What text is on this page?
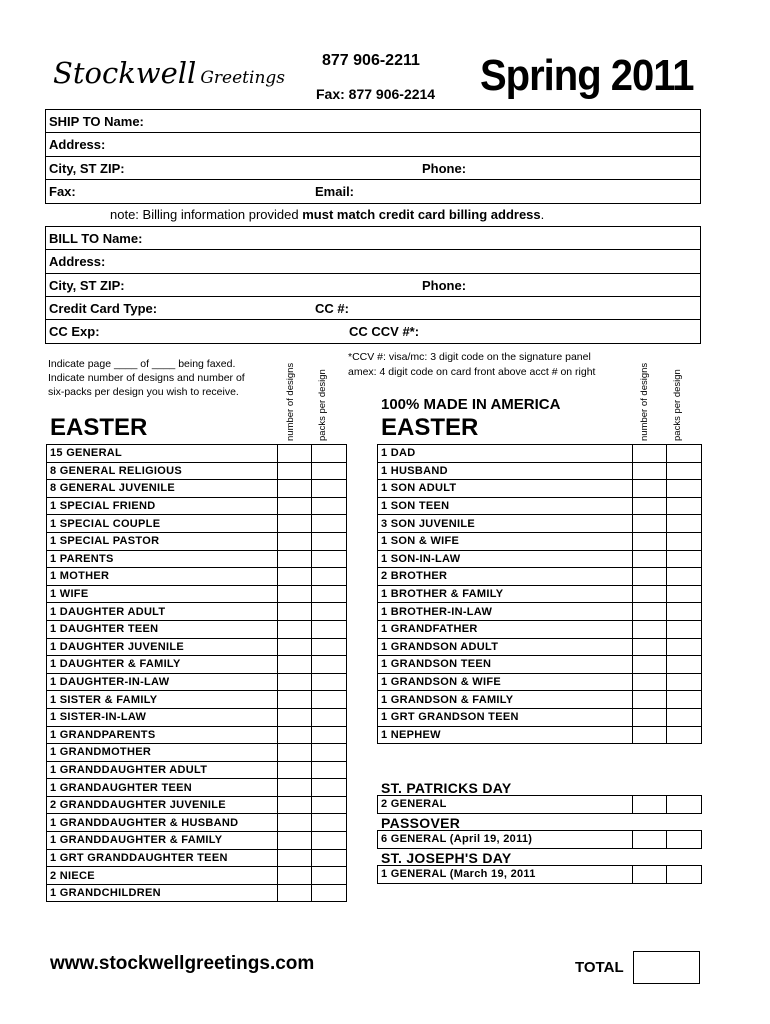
Stockwell Greetings
877 906-2211
Fax: 877 906-2214 Spring 2011
SHIP TO Name:
Address:
City, ST ZIP:	Phone:
Fax:	Email:
note: Billing information provided must match credit card billing address.
BILL TO Name:
Address:
City, ST ZIP:	Phone:
Credit Card Type:	CC #:
CC Exp:	CC CCV #*:
Indicate page ____ of ____ being faxed.
Indicate number of designs and number of
six-packs per design you wish to receive.
*CCV #: visa/mc: 3 digit code on the signature panel
amex: 4 digit code on card front above acct # on right
number of designs packs per design	number of designs packs per design
EASTER
100% MADE IN AMERICA
EASTER
15 GENERAL		
8 GENERAL RELIGIOUS		
8 GENERAL JUVENILE		
1 SPECIAL FRIEND		
1 SPECIAL COUPLE		
1 SPECIAL PASTOR		
1 PARENTS		
1 MOTHER		
1 WIFE		
1 DAUGHTER ADULT		
1 DAUGHTER TEEN		
1 DAUGHTER JUVENILE		
1 DAUGHTER & FAMILY		
1 DAUGHTER-IN-LAW		
1 SISTER & FAMILY		
1 SISTER-IN-LAW		
1 GRANDPARENTS		
1 GRANDMOTHER		
1 GRANDDAUGHTER ADULT		
1 GRANDAUGHTER TEEN		
2 GRANDDAUGHTER JUVENILE		
1 GRANDDAUGHTER & HUSBAND		
1 GRANDDAUGHTER & FAMILY		
1 GRT GRANDDAUGHTER TEEN		
2 NIECE		
1 GRANDCHILDREN		
1 DAD		
1 HUSBAND		
1 SON ADULT		
1 SON TEEN		
3 SON JUVENILE		
1 SON & WIFE		
1 SON-IN-LAW		
2 BROTHER		
1 BROTHER & FAMILY		
1 BROTHER-IN-LAW		
1 GRANDFATHER		
1 GRANDSON ADULT		
1 GRANDSON TEEN		
1 GRANDSON & WIFE		
1 GRANDSON & FAMILY		
1 GRT GRANDSON TEEN		
1 NEPHEW		
ST. PATRICKS DAY
2 GENERAL		
PASSOVER
6 GENERAL (April 19, 2011)		
ST. JOSEPH'S DAY
1 GENERAL (March 19, 2011		
www.stockwellgreetings.com	TOTAL
